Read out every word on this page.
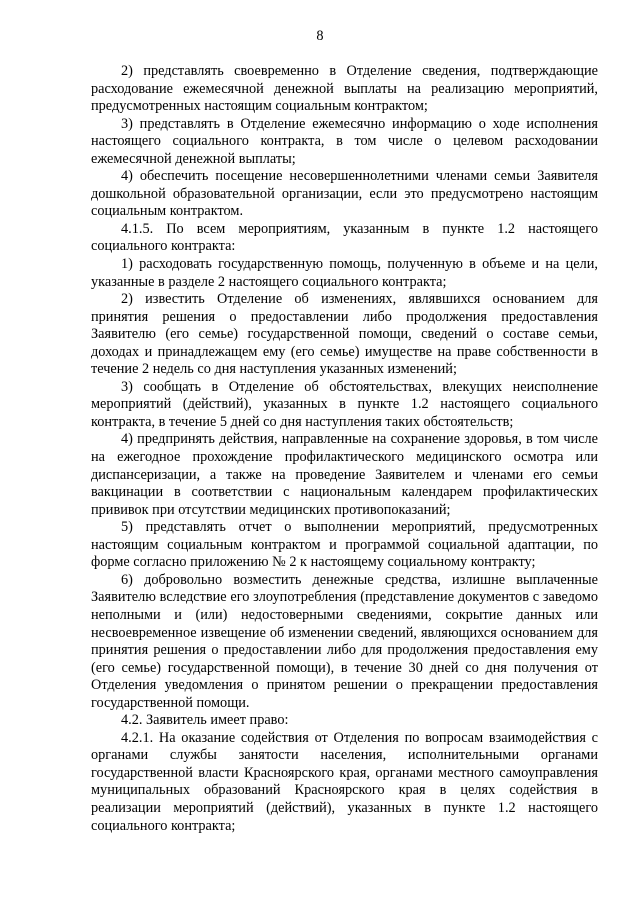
8

2) представлять своевременно в Отделение сведения, подтверждающие расходование ежемесячной денежной выплаты на реализацию мероприятий, предусмотренных настоящим социальным контрактом;

3) представлять в Отделение ежемесячно информацию о ходе исполнения настоящего социального контракта, в том числе о целевом расходовании ежемесячной денежной выплаты;

4) обеспечить посещение несовершеннолетними членами семьи Заявителя дошкольной образовательной организации, если это предусмотрено настоящим социальным контрактом.

4.1.5. По всем мероприятиям, указанным в пункте 1.2 настоящего социального контракта:

1) расходовать государственную помощь, полученную в объеме и на цели, указанные в разделе 2 настоящего социального контракта;

2) известить Отделение об изменениях, являвшихся основанием для принятия решения о предоставлении либо продолжения предоставления Заявителю (его семье) государственной помощи, сведений о составе семьи, доходах и принадлежащем ему (его семье) имуществе на праве собственности в течение 2 недель со дня наступления указанных изменений;

3) сообщать в Отделение об обстоятельствах, влекущих неисполнение мероприятий (действий), указанных в пункте 1.2 настоящего социального контракта, в течение 5 дней со дня наступления таких обстоятельств;

4) предпринять действия, направленные на сохранение здоровья, в том числе на ежегодное прохождение профилактического медицинского осмотра или диспансеризации, а также на проведение Заявителем и членами его семьи вакцинации в соответствии с национальным календарем профилактических прививок при отсутствии медицинских противопоказаний;

5) представлять отчет о выполнении мероприятий, предусмотренных настоящим социальным контрактом и программой социальной адаптации, по форме согласно приложению № 2 к настоящему социальному контракту;

6) добровольно возместить денежные средства, излишне выплаченные Заявителю вследствие его злоупотребления (представление документов с заведомо неполными и (или) недостоверными сведениями, сокрытие данных или несвоевременное извещение об изменении сведений, являющихся основанием для принятия решения о предоставлении либо для продолжения предоставления ему (его семье) государственной помощи), в течение 30 дней со дня получения от Отделения уведомления о принятом решении о прекращении предоставления государственной помощи.

4.2. Заявитель имеет право:

4.2.1. На оказание содействия от Отделения по вопросам взаимодействия с органами службы занятости населения, исполнительными органами государственной власти Красноярского края, органами местного самоуправления муниципальных образований Красноярского края в целях содействия в реализации мероприятий (действий), указанных в пункте 1.2 настоящего социального контракта;
